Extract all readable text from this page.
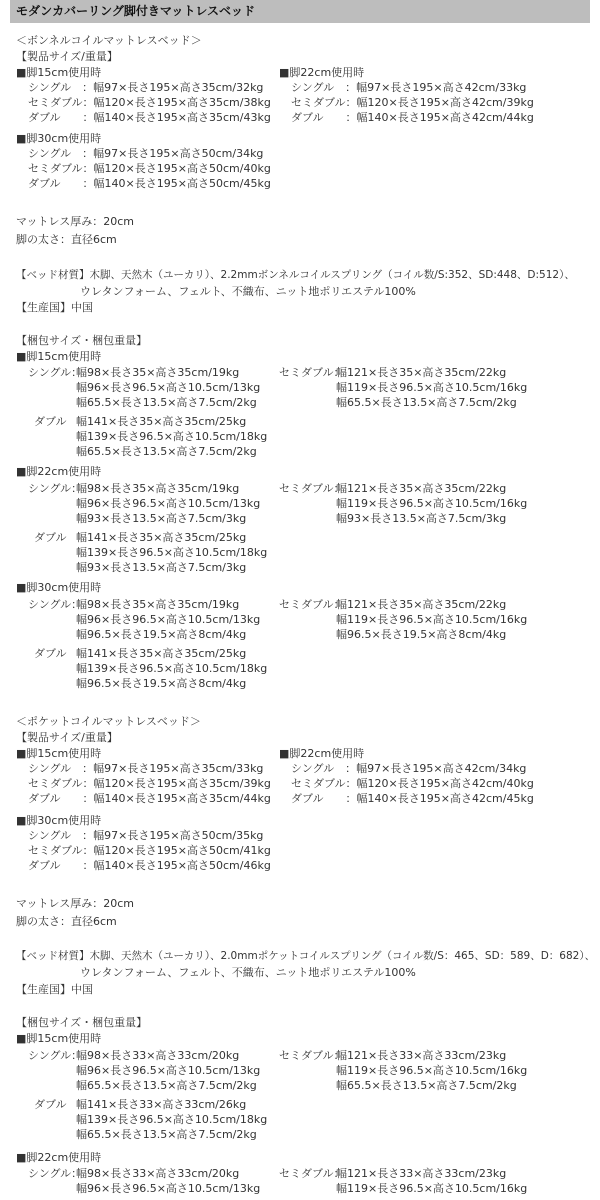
モダンカバーリング脚付きマットレスベッド
＜ボンネルコイルマットレスベッド＞
【製品サイズ/重量】
■脚15cm使用時
シングル　：幅97×長さ195×高さ35cm/32kg
セミダブル：幅120×長さ195×高さ35cm/38kg
ダブル　　：幅140×長さ195×高さ35cm/43kg
■脚22cm使用時
シングル　：幅97×長さ195×高さ42cm/33kg
セミダブル：幅120×長さ195×高さ42cm/39kg
ダブル　　：幅140×長さ195×高さ42cm/44kg
■脚30cm使用時
シングル　：幅97×長さ195×高さ50cm/34kg
セミダブル：幅120×長さ195×高さ50cm/40kg
ダブル　　：幅140×長さ195×高さ50cm/45kg
マットレス厚み：20cm
脚の太さ：直径6cm
【ベッド材質】木脚、天然木（ユーカリ）、2.2mmボンネルコイルスプリング（コイル数/S:352、SD:448、D:512）、
ウレタンフォーム、フェルト、不織布、ニット地ポリエステル100%
【生産国】中国
【梱包サイズ・梱包重量】
■脚15cm使用時
シングル：
幅98×長さ35×高さ35cm/19kg
幅96×長さ96.5×高さ10.5cm/13kg
幅65.5×長さ13.5×高さ7.5cm/2kg
セミダブル：
幅121×長さ35×高さ35cm/22kg
幅119×長さ96.5×高さ10.5cm/16kg
幅65.5×長さ13.5×高さ7.5cm/2kg
ダブル　
幅141×長さ35×高さ35cm/25kg
幅139×長さ96.5×高さ10.5cm/18kg
幅65.5×長さ13.5×高さ7.5cm/2kg
■脚22cm使用時
シングル：
幅98×長さ35×高さ35cm/19kg
幅96×長さ96.5×高さ10.5cm/13kg
幅93×長さ13.5×高さ7.5cm/3kg
セミダブル：
幅121×長さ35×高さ35cm/22kg
幅119×長さ96.5×高さ10.5cm/16kg
幅93×長さ13.5×高さ7.5cm/3kg
ダブル　
幅141×長さ35×高さ35cm/25kg
幅139×長さ96.5×高さ10.5cm/18kg
幅93×長さ13.5×高さ7.5cm/3kg
■脚30cm使用時
シングル：
幅98×長さ35×高さ35cm/19kg
幅96×長さ96.5×高さ10.5cm/13kg
幅96.5×長さ19.5×高さ8cm/4kg
セミダブル：
幅121×長さ35×高さ35cm/22kg
幅119×長さ96.5×高さ10.5cm/16kg
幅96.5×長さ19.5×高さ8cm/4kg
ダブル　
幅141×長さ35×高さ35cm/25kg
幅139×長さ96.5×高さ10.5cm/18kg
幅96.5×長さ19.5×高さ8cm/4kg
＜ポケットコイルマットレスベッド＞
【製品サイズ/重量】
■脚15cm使用時
シングル　：幅97×長さ195×高さ35cm/33kg
セミダブル：幅120×長さ195×高さ35cm/39kg
ダブル　　：幅140×長さ195×高さ35cm/44kg
■脚22cm使用時
シングル　：幅97×長さ195×高さ42cm/34kg
セミダブル：幅120×長さ195×高さ42cm/40kg
ダブル　　：幅140×長さ195×高さ42cm/45kg
■脚30cm使用時
シングル　：幅97×長さ195×高さ50cm/35kg
セミダブル：幅120×長さ195×高さ50cm/41kg
ダブル　　：幅140×長さ195×高さ50cm/46kg
マットレス厚み：20cm
脚の太さ：直径6cm
【ベッド材質】木脚、天然木（ユーカリ）、2.0mmポケットコイルスプリング（コイル数/S：465、SD：589、D：682）、
ウレタンフォーム、フェルト、不織布、ニット地ポリエステル100%
【生産国】中国
【梱包サイズ・梱包重量】
■脚15cm使用時
シングル：
幅98×長さ33×高さ33cm/20kg
幅96×長さ96.5×高さ10.5cm/13kg
幅65.5×長さ13.5×高さ7.5cm/2kg
セミダブル：
幅121×長さ33×高さ33cm/23kg
幅119×長さ96.5×高さ10.5cm/16kg
幅65.5×長さ13.5×高さ7.5cm/2kg
ダブル　
幅141×長さ33×高さ33cm/26kg
幅139×長さ96.5×高さ10.5cm/18kg
幅65.5×長さ13.5×高さ7.5cm/2kg
■脚22cm使用時
シングル：
幅98×長さ33×高さ33cm/20kg
幅96×長さ96.5×高さ10.5cm/13kg
セミダブル：
幅121×長さ33×高さ33cm/23kg
幅119×長さ96.5×高さ10.5cm/16kg
